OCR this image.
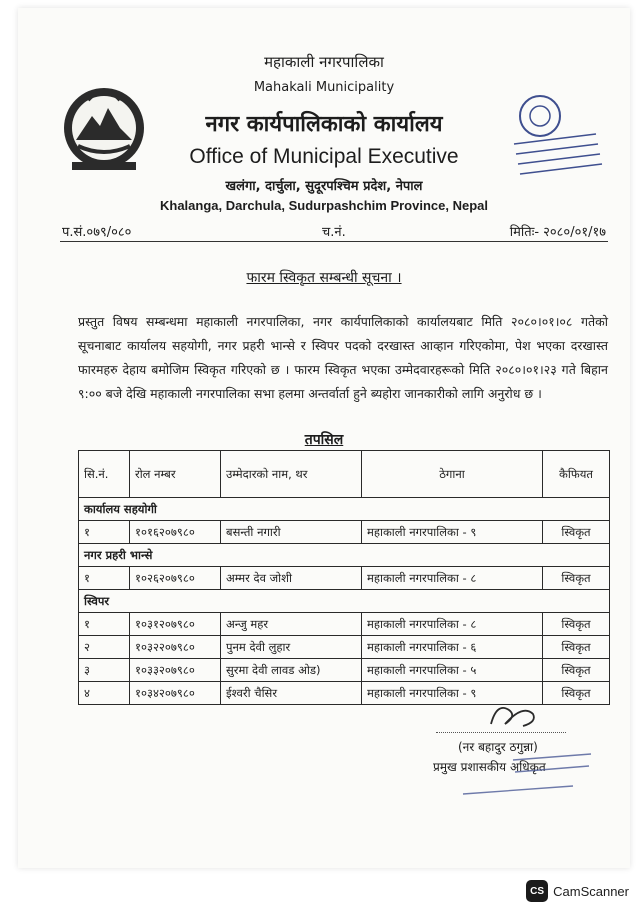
महाकाली नगरपालिका
Mahakali Municipality
नगर कार्यपालिकाको कार्यालय
Office of Municipal Executive
खलंगा, दार्चुला, सुदूरपश्चिम प्रदेश, नेपाल
Khalanga, Darchula, Sudurpashchim Province, Nepal
प.सं.०७९/०८०	च.नं.	मितिः- २०८०/०१/१७
फारम स्विकृत सम्बन्धी सूचना ।
प्रस्तुत विषय सम्बन्धमा महाकाली नगरपालिका, नगर कार्यपालिकाको कार्यालयबाट मिति २०८०।०१।०८ गतेको सूचनाबाट कार्यालय सहयोगी, नगर प्रहरी भान्से र स्विपर पदको दरखास्त आव्हान गरिएकोमा, पेश भएका दरखास्त फारमहरु देहाय बमोजिम स्विकृत गरिएको छ । फारम स्विकृत भएका उम्मेदवारहरूको मिति २०८०।०१।२३ गते बिहान ९:०० बजे देखि महाकाली नगरपालिका सभा हलमा अन्तर्वार्ता हुने ब्यहोरा जानकारीको लागि अनुरोध छ ।
तपसिल
सि.नं.	रोल नम्बर	उम्मेदारको नाम, थर	ठेगाना	कैफियत
कार्यालय सहयोगी				
१	१०१६२०७९८०	बसन्ती नगारी	महाकाली नगरपालिका - ९	स्विकृत
नगर प्रहरी भान्से				
१	१०२६२०७९८०	अम्मर देव जोशी	महाकाली नगरपालिका - ८	स्विकृत
स्विपर				
१	१०३१२०७९८०	अन्जु महर	महाकाली नगरपालिका - ८	स्विकृत
२	१०३२२०७९८०	पुनम देवी लुहार	महाकाली नगरपालिका - ६	स्विकृत
३	१०३३२०७९८०	सुरमा देवी लावड ओड)	महाकाली नगरपालिका - ५	स्विकृत
४	१०३४२०७९८०	ईश्वरी चैसिर	महाकाली नगरपालिका - ९	स्विकृत
(नर बहादुर ठगुन्ना)
प्रमुख प्रशासकीय अधिकृत
CS CamScanner
